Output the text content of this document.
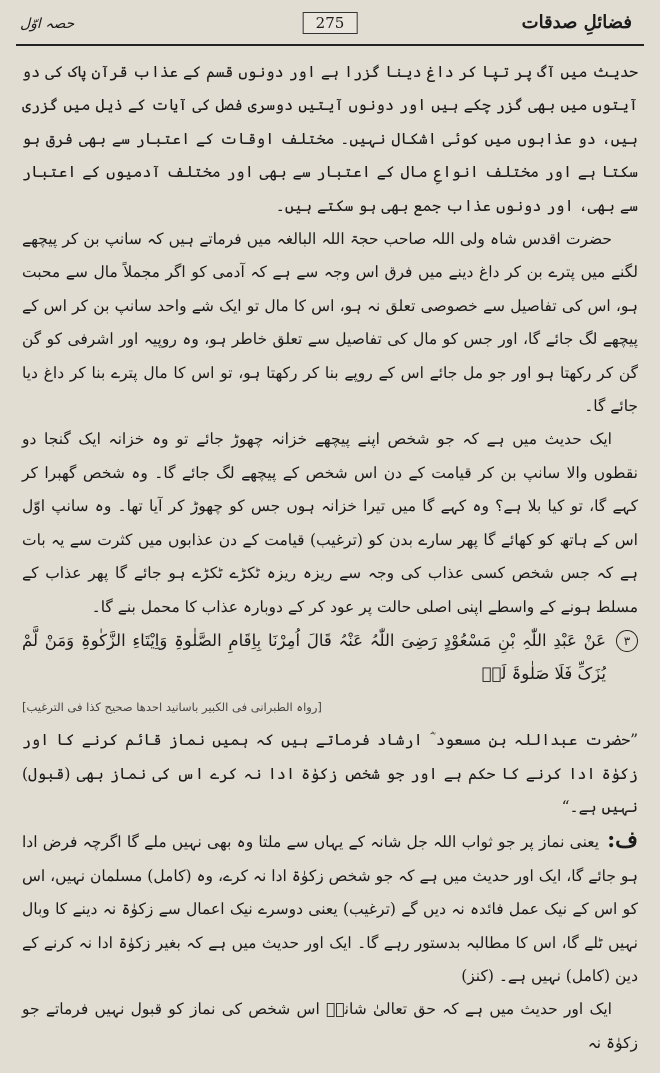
فضائلِ صدقات
275
حصہ اوّل

حدیث میں آگ پر تپا کر داغ دینا گزرا ہے اور دونوں قسم کے عذاب قرآنِ پاک کی دو آیتوں میں بھی گزر چکے ہیں اور دونوں آیتیں دوسری فصل کی آیات کے ذیل میں گزری ہیں، دو عذابوں میں کوئی اشکال نہیں۔ مختلف اوقات کے اعتبار سے بھی فرق ہو سکتا ہے اور مختلف انواعِ مال کے اعتبار سے بھی اور مختلف آدمیوں کے اعتبار سے بھی، اور دونوں عذاب جمع بھی ہو سکتے ہیں۔

حضرت اقدس شاہ ولی اللہ صاحب حجۃ اللہ البالغہ میں فرماتے ہیں کہ سانپ بن کر پیچھے لگنے میں پترے بن کر داغ دینے میں فرق اس وجہ سے ہے کہ آدمی کو اگر مجملاً مال سے محبت ہو، اس کی تفاصیل سے خصوصی تعلق نہ ہو، اس کا مال تو ایک شے واحد سانپ بن کر اس کے پیچھے لگ جائے گا، اور جس کو مال کی تفاصیل سے تعلق خاطر ہو، وہ روپیہ اور اشرفی کو گن گن کر رکھتا ہو اور جو مل جائے اس کے روپے بنا کر رکھتا ہو، تو اس کا مال پترے بنا کر داغ دیا جائے گا۔

ایک حدیث میں ہے کہ جو شخص اپنے پیچھے خزانہ چھوڑ جائے تو وہ خزانہ ایک گنجا دو نقطوں والا سانپ بن کر قیامت کے دن اس شخص کے پیچھے لگ جائے گا۔ وہ شخص گھبرا کر کہے گا، تو کیا بلا ہے؟ وہ کہے گا میں تیرا خزانہ ہوں جس کو چھوڑ کر آیا تھا۔ وہ سانپ اوّل اس کے ہاتھ کو کھائے گا پھر سارے بدن کو (ترغیب) قیامت کے دن عذابوں میں کثرت سے یہ بات ہے کہ جس شخص کسی عذاب کی وجہ سے ریزہ ریزہ ٹکڑے ٹکڑے ہو جائے گا پھر عذاب کے مسلط ہونے کے واسطے اپنی اصلی حالت پر عود کر کے دوبارہ عذاب کا محمل بنے گا۔

٣

عَنْ عَبْدِ اللّٰہِ بْنِ مَسْعُوْدٍ رَضِیَ اللّٰہُ عَنْہُ قَالَ اُمِرْنَا بِاِقَامِ الصَّلٰوۃِ وَاِیْتَاءِ الزَّکٰوۃِ وَمَنْ لَّمْ یُزَکِّ فَلَا صَلٰوۃَ لَہٗ

[رواہ الطبرانی فی الکبیر باسانید احدھا صحیح کذا فی الترغیب]

”حضرت عبداللہ بن مسعود ؓ ارشاد فرماتے ہیں کہ ہمیں نماز قائم کرنے کا اور زکوٰۃ ادا کرنے کا حکم ہے اور جو شخص زکوٰۃ ادا نہ کرے اس کی نماز بھی (قبول) نہیں ہے۔“

ف:یعنی نماز پر جو ثواب اللہ جل شانہ کے یہاں سے ملتا وہ بھی نہیں ملے گا اگرچہ فرض ادا ہو جائے گا، ایک اور حدیث میں ہے کہ جو شخص زکوٰۃ ادا نہ کرے، وہ (کامل) مسلمان نہیں، اس کو اس کے نیک عمل فائدہ نہ دیں گے (ترغیب) یعنی دوسرے نیک اعمال سے زکوٰۃ نہ دینے کا وبال نہیں ٹلے گا، اس کا مطالبہ بدستور رہے گا۔ ایک اور حدیث میں ہے کہ بغیر زکوٰۃ ادا نہ کرنے کے دین (کامل) نہیں ہے۔ (کنز)

ایک اور حدیث میں ہے کہ حق تعالیٰ شانہٗ اس شخص کی نماز کو قبول نہیں فرماتے جو زکوٰۃ نہ
